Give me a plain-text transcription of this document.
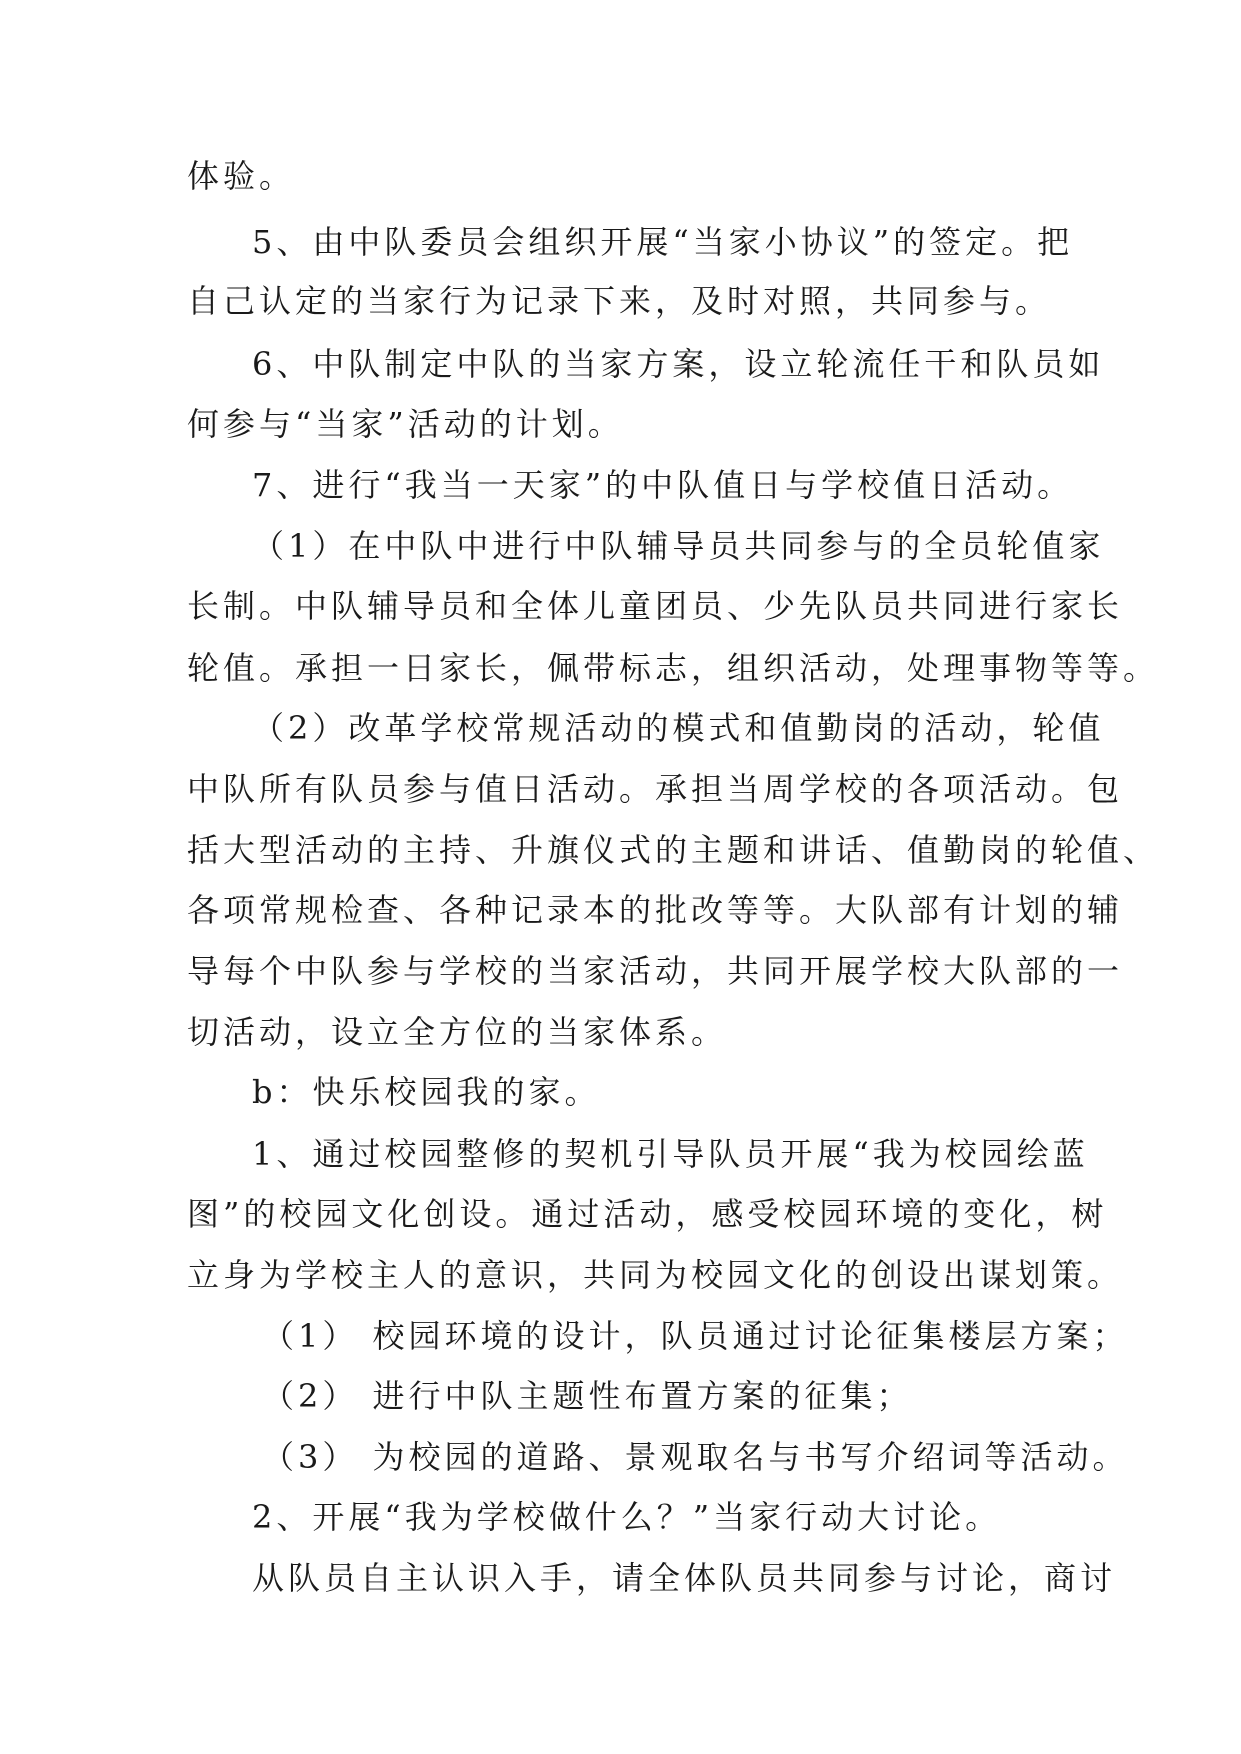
体验。

5、由中队委员会组织开展“当家小协议”的签定。把

自己认定的当家行为记录下来，及时对照，共同参与。

6、中队制定中队的当家方案，设立轮流任干和队员如

何参与“当家”活动的计划。

7、进行“我当一天家”的中队值日与学校值日活动。

（1）在中队中进行中队辅导员共同参与的全员轮值家

长制。中队辅导员和全体儿童团员、少先队员共同进行家长

轮值。承担一日家长，佩带标志，组织活动，处理事物等等。

（2）改革学校常规活动的模式和值勤岗的活动，轮值

中队所有队员参与值日活动。承担当周学校的各项活动。包

括大型活动的主持、升旗仪式的主题和讲话、值勤岗的轮值、

各项常规检查、各种记录本的批改等等。大队部有计划的辅

导每个中队参与学校的当家活动，共同开展学校大队部的一

切活动，设立全方位的当家体系。

b：快乐校园我的家。

1、通过校园整修的契机引导队员开展“我为校园绘蓝

图”的校园文化创设。通过活动，感受校园环境的变化，树

立身为学校主人的意识，共同为校园文化的创设出谋划策。

（1） 校园环境的设计，队员通过讨论征集楼层方案；

（2） 进行中队主题性布置方案的征集；

（3） 为校园的道路、景观取名与书写介绍词等活动。

2、开展“我为学校做什么？”当家行动大讨论。

从队员自主认识入手，请全体队员共同参与讨论，商讨
